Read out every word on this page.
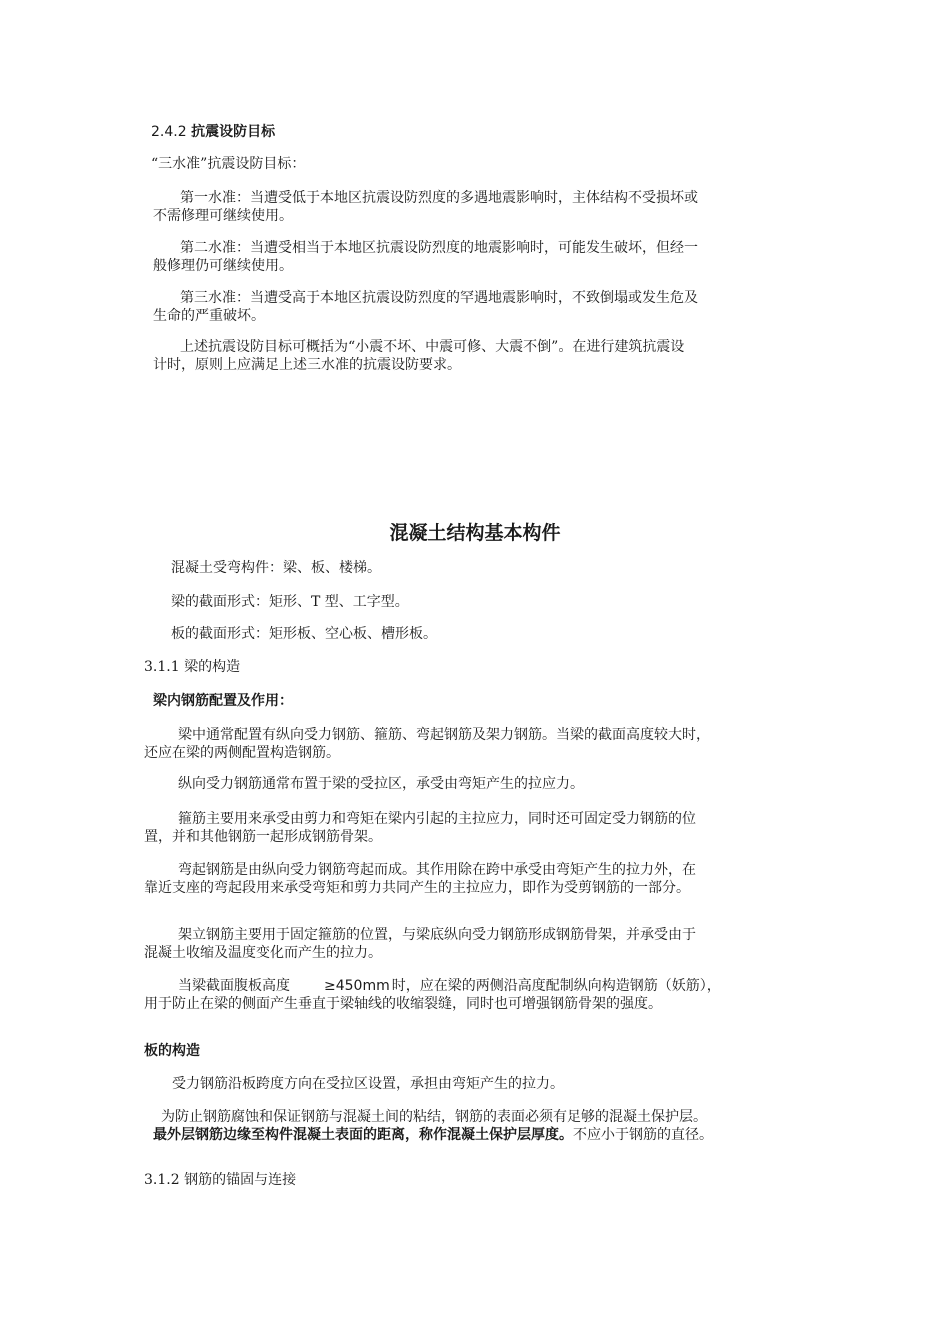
2.4.2 抗震设防目标

“三水准”抗震设防目标：

第一水准：当遭受低于本地区抗震设防烈度的多遇地震影响时，主体结构不受损坏或

不需修理可继续使用。

第二水准：当遭受相当于本地区抗震设防烈度的地震影响时，可能发生破坏，但经一

般修理仍可继续使用。

第三水准：当遭受高于本地区抗震设防烈度的罕遇地震影响时，不致倒塌或发生危及

生命的严重破坏。

上述抗震设防目标可概括为“小震不坏、中震可修、大震不倒”。在进行建筑抗震设

计时，原则上应满足上述三水准的抗震设防要求。

混凝土结构基本构件

混凝土受弯构件：梁、板、楼梯。

梁的截面形式：矩形、T 型、工字型。

板的截面形式：矩形板、空心板、槽形板。

3.1.1 梁的构造

梁内钢筋配置及作用：

梁中通常配置有纵向受力钢筋、箍筋、弯起钢筋及架力钢筋。当梁的截面高度较大时，

还应在梁的两侧配置构造钢筋。

纵向受力钢筋通常布置于梁的受拉区，承受由弯矩产生的拉应力。

箍筋主要用来承受由剪力和弯矩在梁内引起的主拉应力，同时还可固定受力钢筋的位

置，并和其他钢筋一起形成钢筋骨架。

弯起钢筋是由纵向受力钢筋弯起而成。其作用除在跨中承受由弯矩产生的拉力外，在

靠近支座的弯起段用来承受弯矩和剪力共同产生的主拉应力，即作为受剪钢筋的一部分。

架立钢筋主要用于固定箍筋的位置，与梁底纵向受力钢筋形成钢筋骨架，并承受由于

混凝土收缩及温度变化而产生的拉力。

当梁截面腹板高度 ≥450mm 时，应在梁的两侧沿高度配制纵向构造钢筋（妖筋），

用于防止在梁的侧面产生垂直于梁轴线的收缩裂缝，同时也可增强钢筋骨架的强度。

板的构造

受力钢筋沿板跨度方向在受拉区设置，承担由弯矩产生的拉力。

为防止钢筋腐蚀和保证钢筋与混凝土间的粘结，钢筋的表面必须有足够的混凝土保护层。

最外层钢筋边缘至构件混凝土表面的距离，称作混凝土保护层厚度。不应小于钢筋的直径。

3.1.2 钢筋的锚固与连接
